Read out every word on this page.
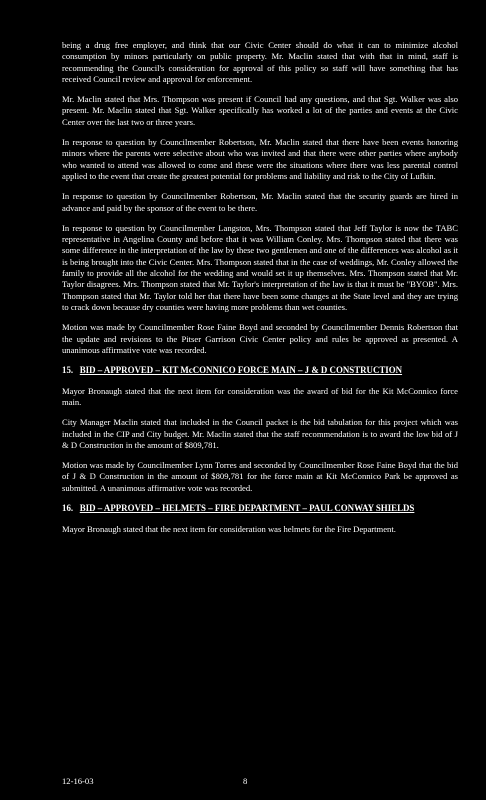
being a drug free employer, and think that our Civic Center should do what it can to minimize alcohol consumption by minors particularly on public property. Mr. Maclin stated that with that in mind, staff is recommending the Council's consideration for approval of this policy so staff will have something that has received Council review and approval for enforcement.

Mr. Maclin stated that Mrs. Thompson was present if Council had any questions, and that Sgt. Walker was also present. Mr. Maclin stated that Sgt. Walker specifically has worked a lot of the parties and events at the Civic Center over the last two or three years.

In response to question by Councilmember Robertson, Mr. Maclin stated that there have been events honoring minors where the parents were selective about who was invited and that there were other parties where anybody who wanted to attend was allowed to come and these were the situations where there was less parental control applied to the event that create the greatest potential for problems and liability and risk to the City of Lufkin.

In response to question by Councilmember Robertson, Mr. Maclin stated that the security guards are hired in advance and paid by the sponsor of the event to be there.

In response to question by Councilmember Langston, Mrs. Thompson stated that Jeff Taylor is now the TABC representative in Angelina County and before that it was William Conley. Mrs. Thompson stated that there was some difference in the interpretation of the law by these two gentlemen and one of the differences was alcohol as it is being brought into the Civic Center. Mrs. Thompson stated that in the case of weddings, Mr. Conley allowed the family to provide all the alcohol for the wedding and would set it up themselves. Mrs. Thompson stated that Mr. Taylor disagrees. Mrs. Thompson stated that Mr. Taylor's interpretation of the law is that it must be "BYOB". Mrs. Thompson stated that Mr. Taylor told her that there have been some changes at the State level and they are trying to crack down because dry counties were having more problems than wet counties.

Motion was made by Councilmember Rose Faine Boyd and seconded by Councilmember Dennis Robertson that the update and revisions to the Pitser Garrison Civic Center policy and rules be approved as presented. A unanimous affirmative vote was recorded.

15. BID – APPROVED – KIT McCONNICO FORCE MAIN – J & D CONSTRUCTION

Mayor Bronaugh stated that the next item for consideration was the award of bid for the Kit McConnico force main.

City Manager Maclin stated that included in the Council packet is the bid tabulation for this project which was included in the CIP and City budget. Mr. Maclin stated that the staff recommendation is to award the low bid of J & D Construction in the amount of $809,781.

Motion was made by Councilmember Lynn Torres and seconded by Councilmember Rose Faine Boyd that the bid of J & D Construction in the amount of $809,781 for the force main at Kit McConnico Park be approved as submitted. A unanimous affirmative vote was recorded.

16. BID – APPROVED – HELMETS – FIRE DEPARTMENT – PAUL CONWAY SHIELDS

Mayor Bronaugh stated that the next item for consideration was helmets for the Fire Department.

12-16-03	8
